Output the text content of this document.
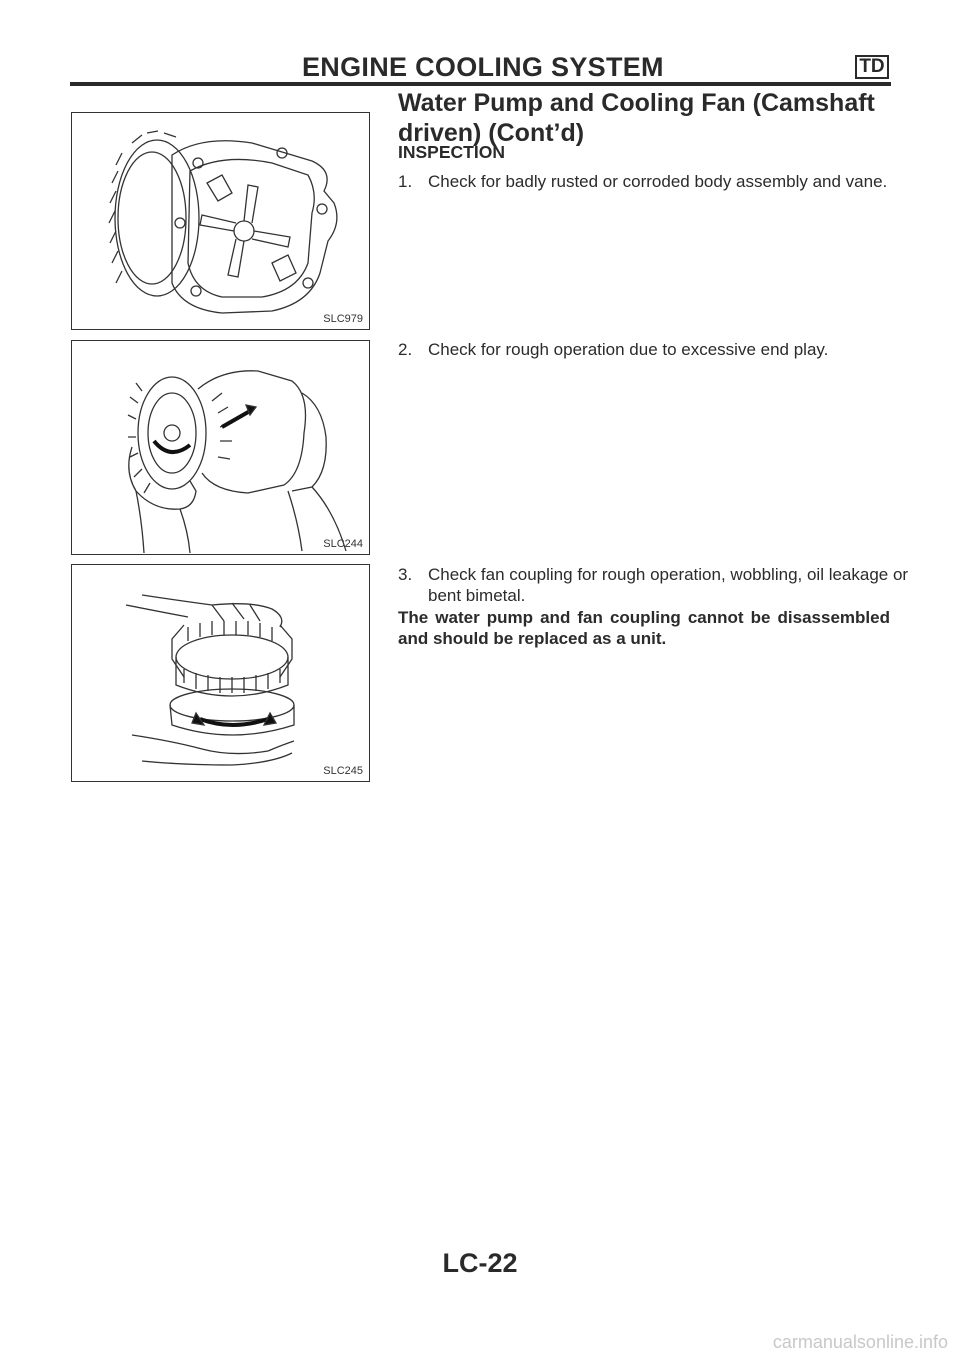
ENGINE COOLING SYSTEM	TD
Water Pump and Cooling Fan (Camshaft driven) (Cont’d)
SLC979
SLC244
SLC245
INSPECTION
1. Check for badly rusted or corroded body assembly and vane.
2. Check for rough operation due to excessive end play.
3. Check fan coupling for rough operation, wobbling, oil leakage or bent bimetal.
The water pump and fan coupling cannot be disassembled and should be replaced as a unit.
LC-22
carmanualsonline.info
